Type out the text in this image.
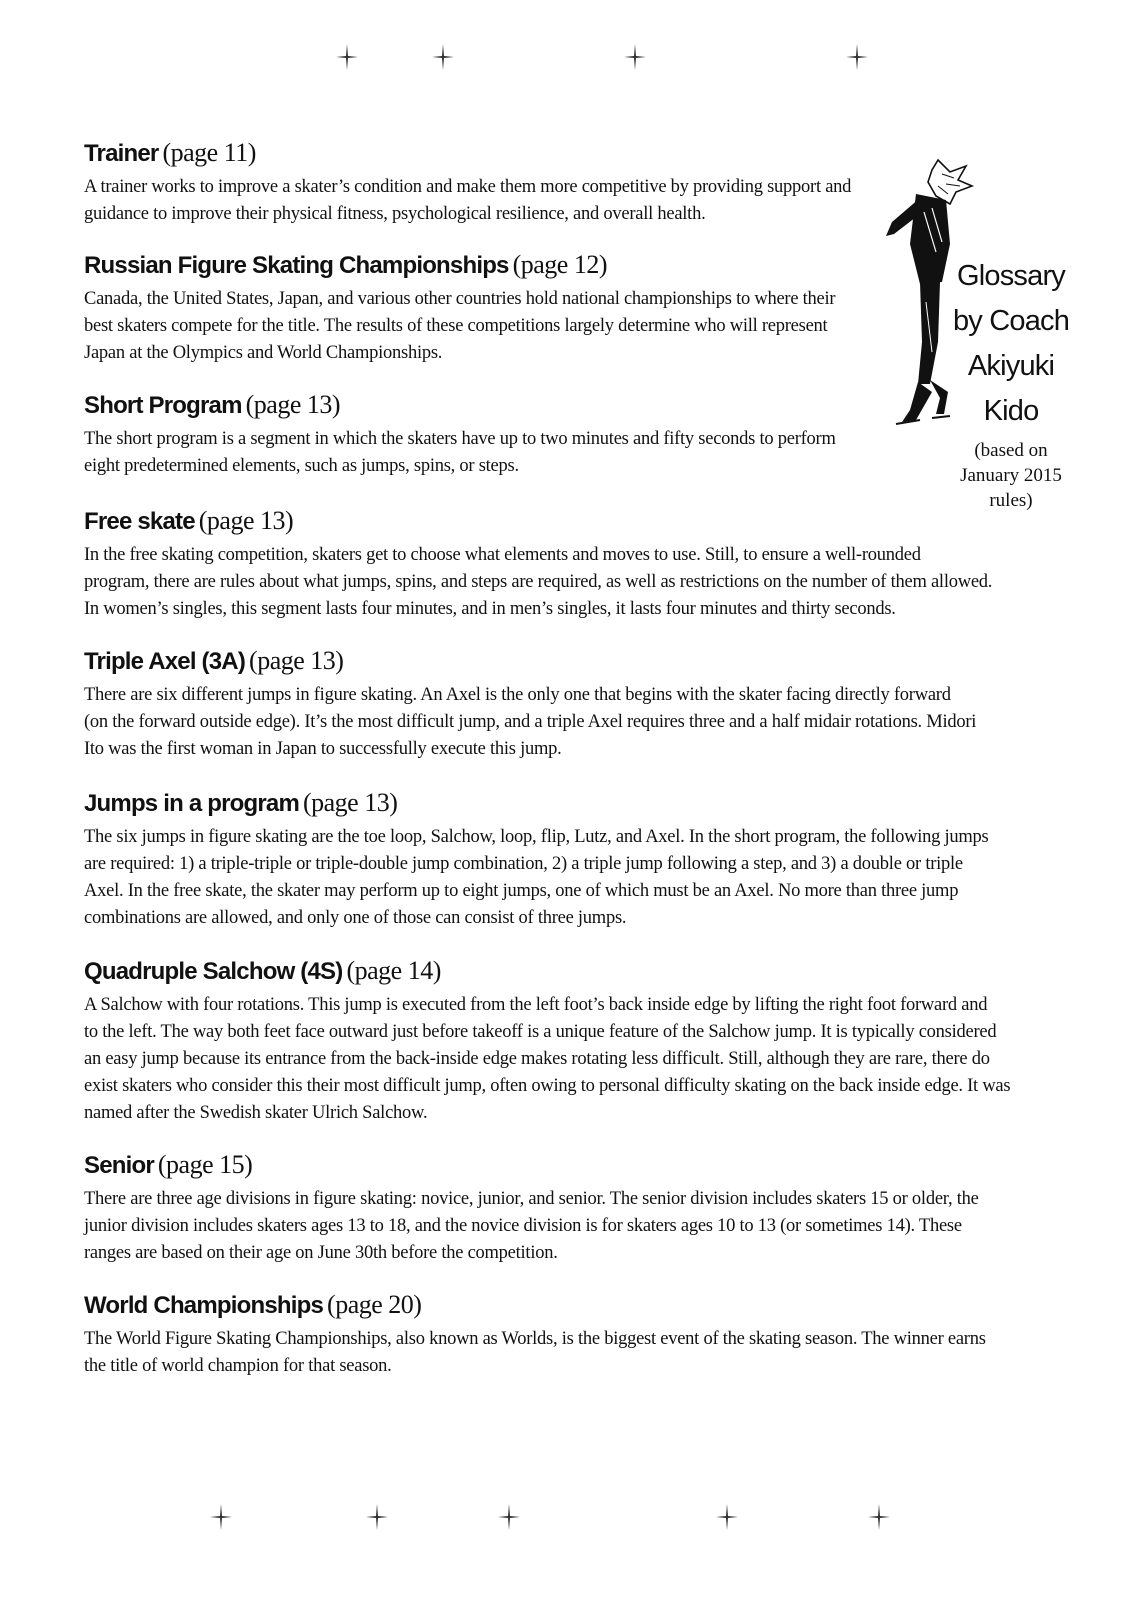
Glossary
by Coach
Akiyuki
Kido
(based on
January 2015
rules)

Trainer (page 11)

A trainer works to improve a skater’s condition and make them more competitive by providing support and

guidance to improve their physical fitness, psychological resilience, and overall health.

Russian Figure Skating Championships (page 12)

Canada, the United States, Japan, and various other countries hold national championships to where their

best skaters compete for the title. The results of these competitions largely determine who will represent

Japan at the Olympics and World Championships.

Short Program (page 13)

The short program is a segment in which the skaters have up to two minutes and fifty seconds to perform

eight predetermined elements, such as jumps, spins, or steps.

Free skate (page 13)

In the free skating competition, skaters get to choose what elements and moves to use. Still, to ensure a well-rounded

program, there are rules about what jumps, spins, and steps are required, as well as restrictions on the number of them allowed.

In women’s singles, this segment lasts four minutes, and in men’s singles, it lasts four minutes and thirty seconds.

Triple Axel (3A) (page 13)

There are six different jumps in figure skating. An Axel is the only one that begins with the skater facing directly forward

(on the forward outside edge). It’s the most difficult jump, and a triple Axel requires three and a half midair rotations. Midori

Ito was the first woman in Japan to successfully execute this jump.

Jumps in a program (page 13)

The six jumps in figure skating are the toe loop, Salchow, loop, flip, Lutz, and Axel. In the short program, the following jumps

are required: 1) a triple-triple or triple-double jump combination, 2) a triple jump following a step, and 3) a double or triple

Axel. In the free skate, the skater may perform up to eight jumps, one of which must be an Axel. No more than three jump

combinations are allowed, and only one of those can consist of three jumps.

Quadruple Salchow (4S) (page 14)

A Salchow with four rotations. This jump is executed from the left foot’s back inside edge by lifting the right foot forward and

to the left. The way both feet face outward just before takeoff is a unique feature of the Salchow jump. It is typically considered

an easy jump because its entrance from the back-inside edge makes rotating less difficult. Still, although they are rare, there do

exist skaters who consider this their most difficult jump, often owing to personal difficulty skating on the back inside edge. It was

named after the Swedish skater Ulrich Salchow.

Senior (page 15)

There are three age divisions in figure skating: novice, junior, and senior. The senior division includes skaters 15 or older, the

junior division includes skaters ages 13 to 18, and the novice division is for skaters ages 10 to 13 (or sometimes 14). These

ranges are based on their age on June 30th before the competition.

World Championships (page 20)

The World Figure Skating Championships, also known as Worlds, is the biggest event of the skating season. The winner earns

the title of world champion for that season.
